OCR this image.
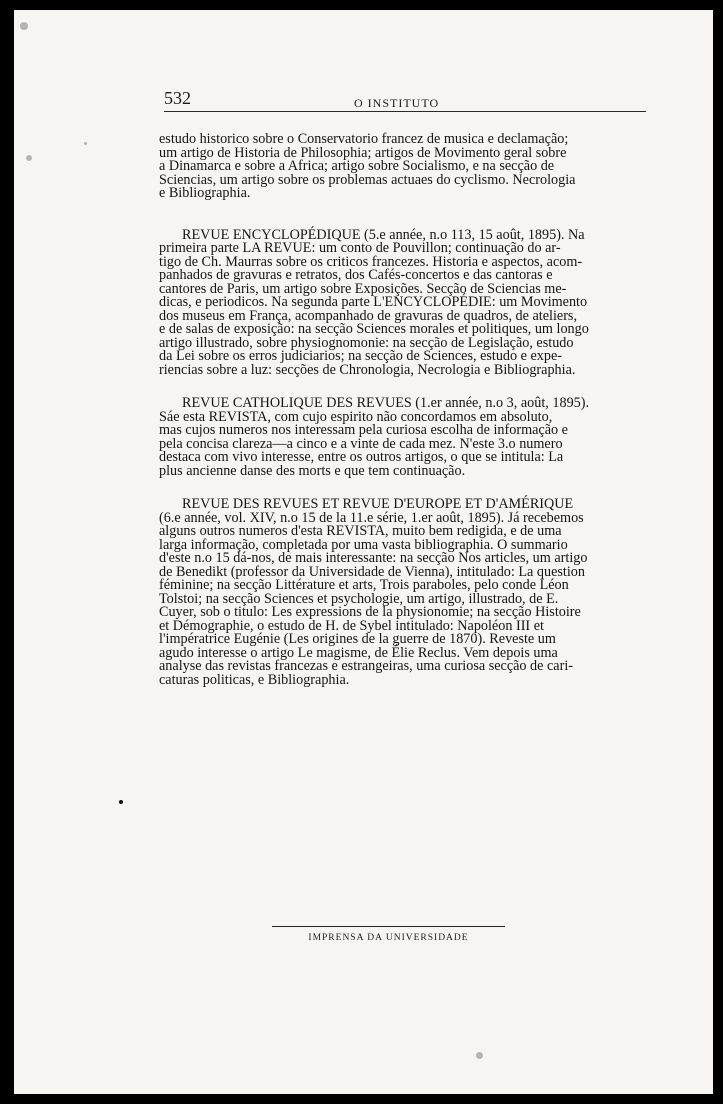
532	O INSTITUTO

estudo historico sobre o Conservatorio francez de musica e declamação;

um artigo de Historia de Philosophia; artigos de Movimento geral sobre

a Dinamarca e sobre a Africa; artigo sobre Socialismo, e na secção de

Sciencias, um artigo sobre os problemas actuaes do cyclismo. Necrologia

e Bibliographia.

REVUE ENCYCLOPÉDIQUE (5.e année, n.o 113, 15 août, 1895). Na

primeira parte LA REVUE: um conto de Pouvillon; continuação do ar-

tigo de Ch. Maurras sobre os criticos francezes. Historia e aspectos, acom-

panhados de gravuras e retratos, dos Cafés-concertos e das cantoras e

cantores de Paris, um artigo sobre Exposições. Secção de Sciencias me-

dicas, e periodicos. Na segunda parte L'ENCYCLOPÉDIE: um Movimento

dos museus em França, acompanhado de gravuras de quadros, de ateliers,

e de salas de exposição: na secção Sciences morales et politiques, um longo

artigo illustrado, sobre physiognomonie: na secção de Legislação, estudo

da Lei sobre os erros judiciarios; na secção de Sciences, estudo e expe-

riencias sobre a luz: secções de Chronologia, Necrologia e Bibliographia.

REVUE CATHOLIQUE DES REVUES (1.er année, n.o 3, août, 1895).

Sáe esta REVISTA, com cujo espirito não concordamos em absoluto,

mas cujos numeros nos interessam pela curiosa escolha de informação e

pela concisa clareza—a cinco e a vinte de cada mez. N'este 3.o numero

destaca com vivo interesse, entre os outros artigos, o que se intitula: La

plus ancienne danse des morts e que tem continuação.

REVUE DES REVUES ET REVUE D'EUROPE ET D'AMÉRIQUE

(6.e année, vol. XIV, n.o 15 de la 11.e série, 1.er août, 1895). Já recebemos

alguns outros numeros d'esta REVISTA, muito bem redigida, e de uma

larga informação, completada por uma vasta bibliographia. O summario

d'este n.o 15 dá-nos, de mais interessante: na secção Nos articles, um artigo

de Benedikt (professor da Universidade de Vienna), intitulado: La question

féminine; na secção Littérature et arts, Trois paraboles, pelo conde Léon

Tolstoi; na secção Sciences et psychologie, um artigo, illustrado, de E.

Cuyer, sob o titulo: Les expressions de la physionomie; na secção Histoire

et Démographie, o estudo de H. de Sybel intitulado: Napoléon III et

l'impératrice Eugénie (Les origines de la guerre de 1870). Reveste um

agudo interesse o artigo Le magisme, de Élie Reclus. Vem depois uma

analyse das revistas francezas e estrangeiras, uma curiosa secção de cari-

caturas politicas, e Bibliographia.

IMPRENSA DA UNIVERSIDADE
